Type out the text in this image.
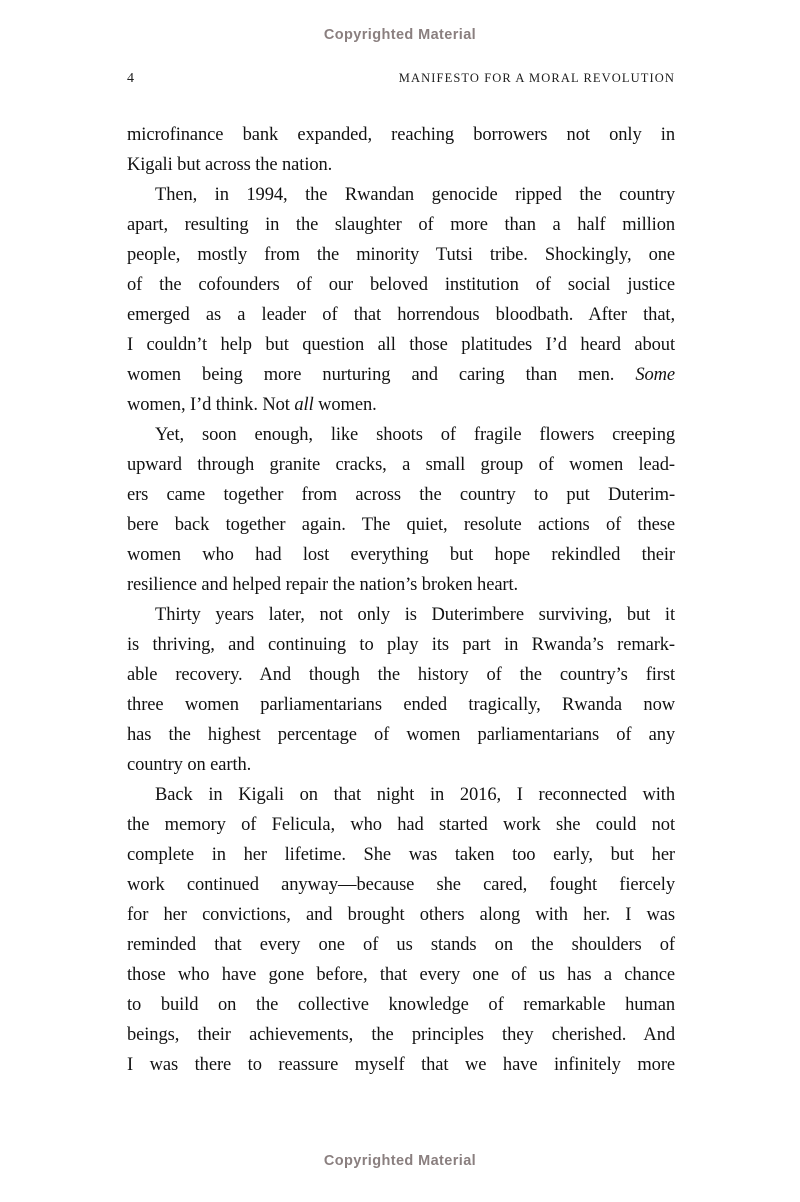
Copyrighted Material
4	MANIFESTO FOR A MORAL REVOLUTION
microfinance bank expanded, reaching borrowers not only in
Kigali but across the nation.
Then, in 1994, the Rwandan genocide ripped the country
apart, resulting in the slaughter of more than a half million
people, mostly from the minority Tutsi tribe. Shockingly, one
of the cofounders of our beloved institution of social justice
emerged as a leader of that horrendous bloodbath. After that,
I couldn’t help but question all those platitudes I’d heard about
women being more nurturing and caring than men. Some
women, I’d think. Not all women.
Yet, soon enough, like shoots of fragile flowers creeping
upward through granite cracks, a small group of women lead-
ers came together from across the country to put Duterim-
bere back together again. The quiet, resolute actions of these
women who had lost everything but hope rekindled their
resilience and helped repair the nation’s broken heart.
Thirty years later, not only is Duterimbere surviving, but it
is thriving, and continuing to play its part in Rwanda’s remark-
able recovery. And though the history of the country’s first
three women parliamentarians ended tragically, Rwanda now
has the highest percentage of women parliamentarians of any
country on earth.
Back in Kigali on that night in 2016, I reconnected with
the memory of Felicula, who had started work she could not
complete in her lifetime. She was taken too early, but her
work continued anyway—because she cared, fought fiercely
for her convictions, and brought others along with her. I was
reminded that every one of us stands on the shoulders of
those who have gone before, that every one of us has a chance
to build on the collective knowledge of remarkable human
beings, their achievements, the principles they cherished. And
I was there to reassure myself that we have infinitely more
Copyrighted Material
